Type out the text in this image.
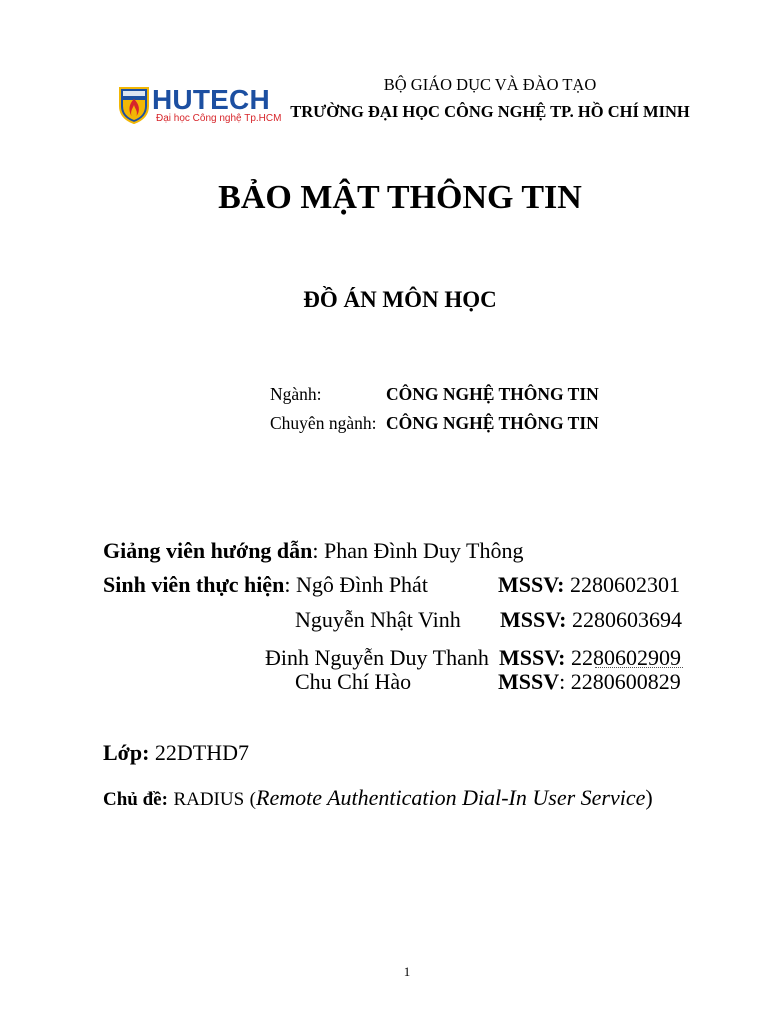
HUTECH
Đại học Công nghệ Tp.HCM
BỘ GIÁO DỤC VÀ ĐÀO TẠO
TRƯỜNG ĐẠI HỌC CÔNG NGHỆ TP. HỒ CHÍ MINH
BẢO MẬT THÔNG TIN
ĐỒ ÁN MÔN HỌC
Ngành:	CÔNG NGHỆ THÔNG TIN
Chuyên ngành: CÔNG NGHỆ THÔNG TIN
Giảng viên hướng dẫn: Phan Đình Duy Thông
Sinh viên thực hiện: Ngô Đình Phát	MSSV: 2280602301
Nguyễn Nhật Vinh MSSV: 2280603694
Đinh Nguyễn Duy Thanh MSSV: 2280602909
Chu Chí Hào	MSSV: 2280600829
Lớp: 22DTHD7
Chủ đề: RADIUS (Remote Authentication Dial-In User Service)
1
